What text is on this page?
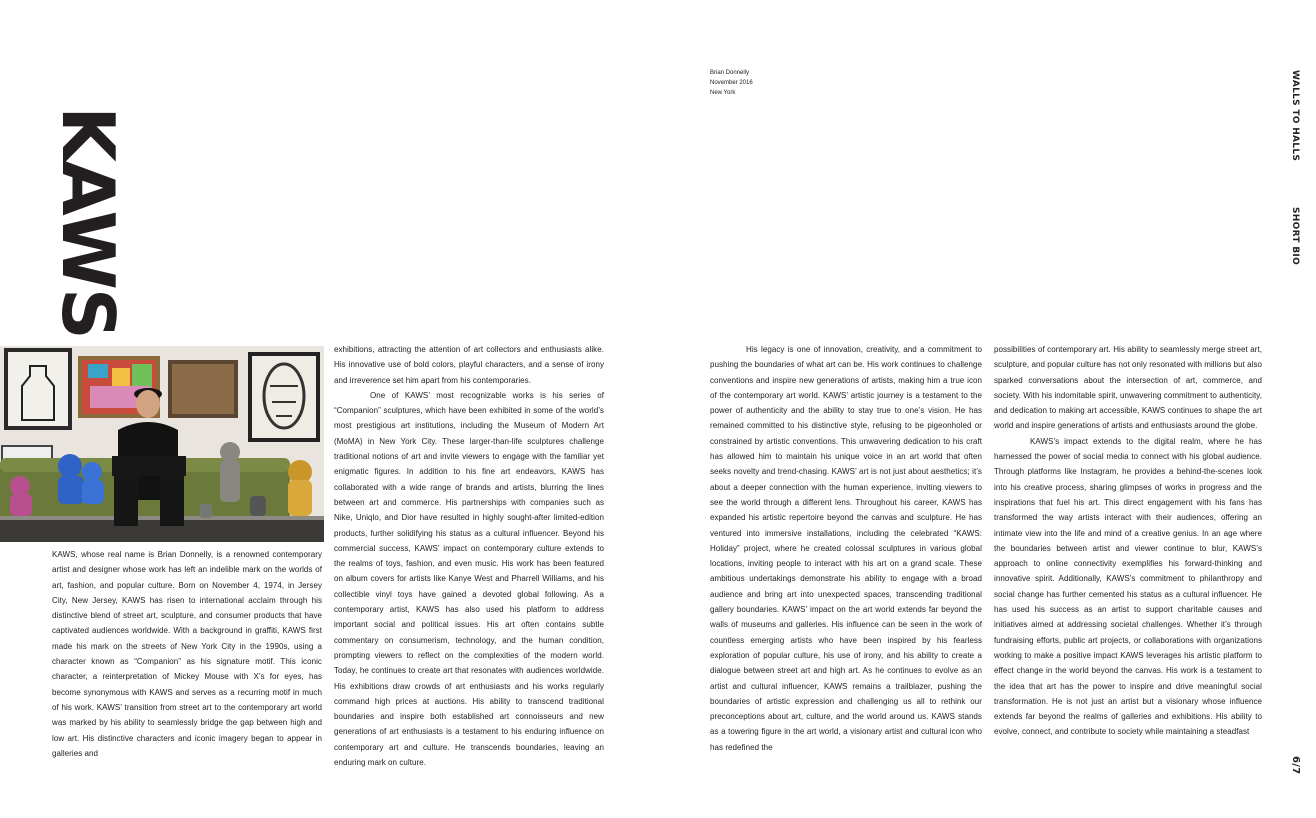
KAWS
Brian Donnelly
November 2016
New York	WALLS TO HALLS
SHORT BIO
6/7

KAWS, whose real name is Brian Donnelly, is a renowned contemporary artist and designer whose work has left an indelible mark on the worlds of art, fashion, and popular culture. Born on November 4, 1974, in Jersey City, New Jersey, KAWS has risen to international acclaim through his distinctive blend of street art, sculpture, and consumer products that have captivated audiences worldwide. With a background in graffiti, KAWS first made his mark on the streets of New York City in the 1990s, using a character known as “Companion” as his signature motif. This iconic character, a reinterpretation of Mickey Mouse with X’s for eyes, has become synonymous with KAWS and serves as a recurring motif in much of his work. KAWS’ transition from street art to the contemporary art world was marked by his ability to seamlessly bridge the gap between high and low art. His distinctive characters and iconic imagery began to appear in galleries and

exhibitions, attracting the attention of art collectors and enthusiasts alike. His innovative use of bold colors, playful characters, and a sense of irony and irreverence set him apart from his contemporaries.

One of KAWS’ most recognizable works is his series of “Companion” sculptures, which have been exhibited in some of the world’s most prestigious art institutions, including the Museum of Modern Art (MoMA) in New York City. These larger-than-life sculptures challenge traditional notions of art and invite viewers to engage with the familiar yet enigmatic figures. In addition to his fine art endeavors, KAWS has collaborated with a wide range of brands and artists, blurring the lines between art and commerce. His partnerships with companies such as Nike, Uniqlo, and Dior have resulted in highly sought-after limited-edition products, further solidifying his status as a cultural influencer. Beyond his commercial success, KAWS’ impact on contemporary culture extends to the realms of toys, fashion, and even music. His work has been featured on album covers for artists like Kanye West and Pharrell Williams, and his collectible vinyl toys have gained a devoted global following. As a contemporary artist, KAWS has also used his platform to address important social and political issues. His art often contains subtle commentary on consumerism, technology, and the human condition, prompting viewers to reflect on the complexities of the modern world. Today, he continues to create art that resonates with audiences worldwide. His exhibitions draw crowds of art enthusiasts and his works regularly command high prices at auctions. His ability to transcend traditional boundaries and inspire both established art connoisseurs and new generations of art enthusiasts is a testament to his enduring influence on contemporary art and culture. He transcends boundaries, leaving an enduring mark on culture.

His legacy is one of innovation, creativity, and a commitment to pushing the boundaries of what art can be. His work continues to challenge conventions and inspire new generations of artists, making him a true icon of the contemporary art world. KAWS’ artistic journey is a testament to the power of authenticity and the ability to stay true to one’s vision. He has remained committed to his distinctive style, refusing to be pigeonholed or constrained by artistic conventions. This unwavering dedication to his craft has allowed him to maintain his unique voice in an art world that often seeks novelty and trend-chasing. KAWS’ art is not just about aesthetics; it’s about a deeper connection with the human experience, inviting viewers to see the world through a different lens. Throughout his career, KAWS has expanded his artistic repertoire beyond the canvas and sculpture. He has ventured into immersive installations, including the celebrated “KAWS: Holiday” project, where he created colossal sculptures in various global locations, inviting people to interact with his art on a grand scale. These ambitious undertakings demonstrate his ability to engage with a broad audience and bring art into unexpected spaces, transcending traditional gallery boundaries. KAWS’ impact on the art world extends far beyond the walls of museums and galleries. His influence can be seen in the work of countless emerging artists who have been inspired by his fearless exploration of popular culture, his use of irony, and his ability to create a dialogue between street art and high art. As he continues to evolve as an artist and cultural influencer, KAWS remains a trailblazer, pushing the boundaries of artistic expression and challenging us all to rethink our preconceptions about art, culture, and the world around us. KAWS stands as a towering figure in the art world, a visionary artist and cultural icon who has redefined the

possibilities of contemporary art. His ability to seamlessly merge street art, sculpture, and popular culture has not only resonated with millions but also sparked conversations about the intersection of art, commerce, and society. With his indomitable spirit, unwavering commitment to authenticity, and dedication to making art accessible, KAWS continues to shape the art world and inspire generations of artists and enthusiasts around the globe.

KAWS’s impact extends to the digital realm, where he has harnessed the power of social media to connect with his global audience. Through platforms like Instagram, he provides a behind-the-scenes look into his creative process, sharing glimpses of works in progress and the inspirations that fuel his art. This direct engagement with his fans has transformed the way artists interact with their audiences, offering an intimate view into the life and mind of a creative genius. In an age where the boundaries between artist and viewer continue to blur, KAWS’s approach to online connectivity exemplifies his forward-thinking and innovative spirit. Additionally, KAWS’s commitment to philanthropy and social change has further cemented his status as a cultural influencer. He has used his success as an artist to support charitable causes and initiatives aimed at addressing societal challenges. Whether it’s through fundraising efforts, public art projects, or collaborations with organizations working to make a positive impact KAWS leverages his artistic platform to effect change in the world beyond the canvas. His work is a testament to the idea that art has the power to inspire and drive meaningful social transformation. He is not just an artist but a visionary whose influence extends far beyond the realms of galleries and exhibitions. His ability to evolve, connect, and contribute to society while maintaining a steadfast
